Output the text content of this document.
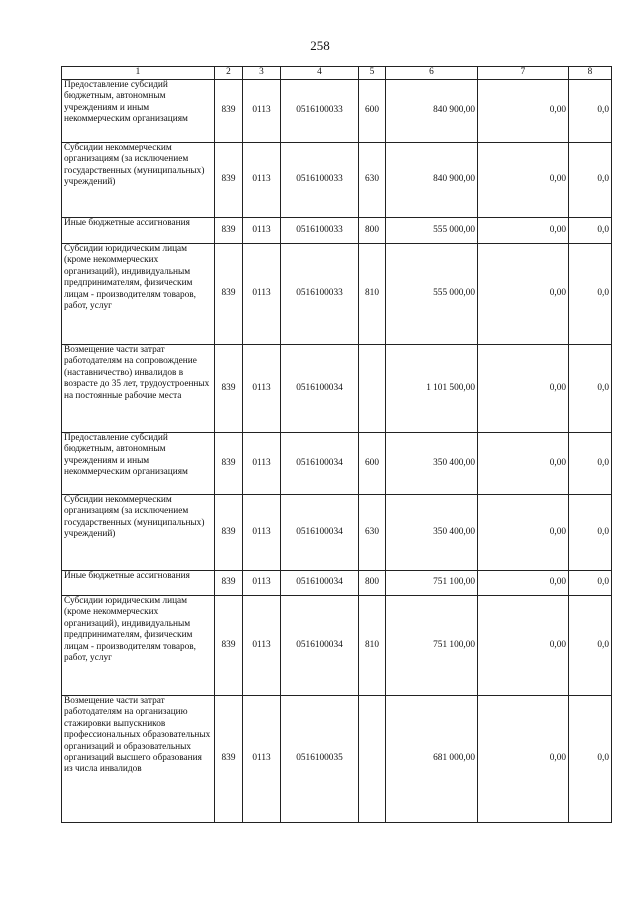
258
1	2	3	4	5	6	7	8
Предоставление субсидий бюджетным, автономным учреждениям и иным некоммерческим организациям	839	0113	0516100033	600	840 900,00	0,00	0,0
Субсидии некоммерческим организациям (за исключением государственных (муниципальных) учреждений)	839	0113	0516100033	630	840 900,00	0,00	0,0
Иные бюджетные ассигнования	839	0113	0516100033	800	555 000,00	0,00	0,0
Субсидии юридическим лицам (кроме некоммерческих организаций), индивидуальным предпринимателям, физическим лицам - производителям товаров, работ, услуг	839	0113	0516100033	810	555 000,00	0,00	0,0
Возмещение части затрат работодателям на сопровождение (наставничество) инвалидов в возрасте до 35 лет, трудоустроенных на постоянные рабочие места	839	0113	0516100034		1 101 500,00	0,00	0,0
Предоставление субсидий бюджетным, автономным учреждениям и иным некоммерческим организациям	839	0113	0516100034	600	350 400,00	0,00	0,0
Субсидии некоммерческим организациям (за исключением государственных (муниципальных) учреждений)	839	0113	0516100034	630	350 400,00	0,00	0,0
Иные бюджетные ассигнования	839	0113	0516100034	800	751 100,00	0,00	0,0
Субсидии юридическим лицам (кроме некоммерческих организаций), индивидуальным предпринимателям, физическим лицам - производителям товаров, работ, услуг	839	0113	0516100034	810	751 100,00	0,00	0,0
Возмещение части затрат работодателям на организацию стажировки выпускников профессиональных образовательных организаций и образовательных организаций высшего образования из числа инвалидов	839	0113	0516100035		681 000,00	0,00	0,0
